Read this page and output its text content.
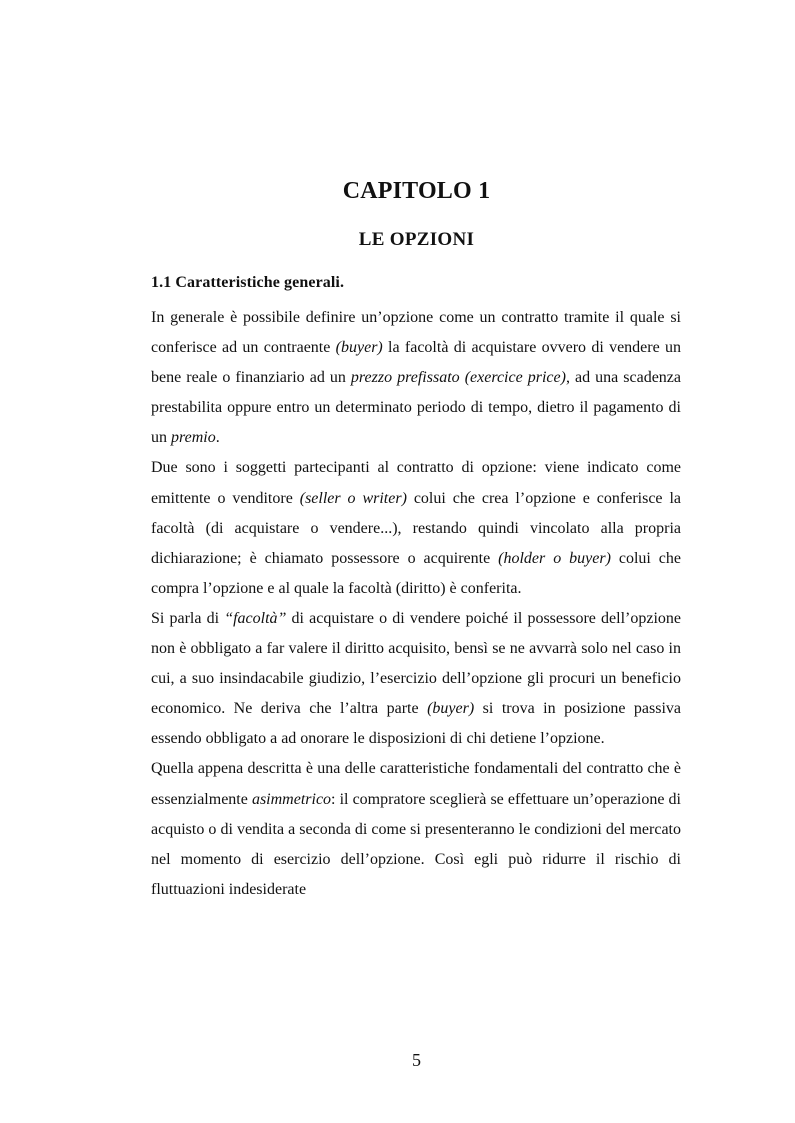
CAPITOLO 1
LE OPZIONI
1.1 Caratteristiche generali.

In generale è possibile definire un’opzione come un contratto tramite il quale si conferisce ad un contraente (buyer) la facoltà di acquistare ovvero di vendere un bene reale o finanziario ad un prezzo prefissato (exercice price), ad una scadenza prestabilita oppure entro un determinato periodo di tempo, dietro il pagamento di un premio.

Due sono i soggetti partecipanti al contratto di opzione: viene indicato come emittente o venditore (seller o writer) colui che crea l’opzione e conferisce la facoltà (di acquistare o vendere...), restando quindi vincolato alla propria dichiarazione; è chiamato possessore o acquirente (holder o buyer) colui che compra l’opzione e al quale la facoltà (diritto) è conferita.

Si parla di “facoltà” di acquistare o di vendere poiché il possessore dell’opzione non è obbligato a far valere il diritto acquisito, bensì se ne avvarrà solo nel caso in cui, a suo insindacabile giudizio, l’esercizio dell’opzione gli procuri un beneficio economico. Ne deriva che l’altra parte (buyer) si trova in posizione passiva essendo obbligato a ad onorare le disposizioni di chi detiene l’opzione.

Quella appena descritta è una delle caratteristiche fondamentali del contratto che è essenzialmente asimmetrico: il compratore sceglierà se effettuare un’operazione di acquisto o di vendita a seconda di come si presenteranno le condizioni del mercato nel momento di esercizio dell’opzione. Così egli può ridurre il rischio di fluttuazioni indesiderate

5
